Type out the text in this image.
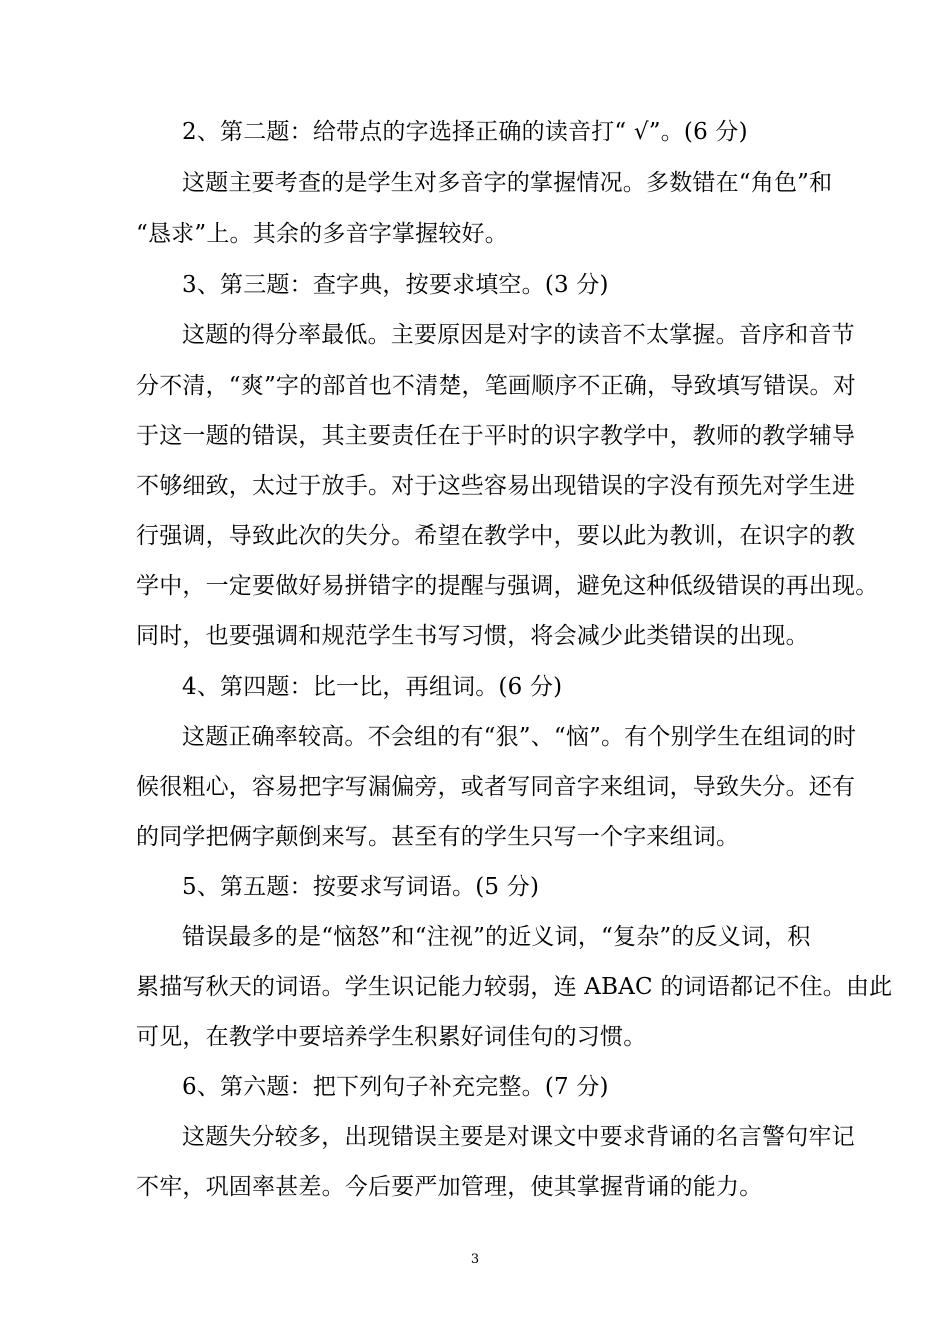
2、第二题：给带点的字选择正确的读音打“ √”。(6 分)
这题主要考查的是学生对多音字的掌握情况。多数错在“角色”和
“恳求”上。其余的多音字掌握较好。
3、第三题：查字典，按要求填空。(3 分)
这题的得分率最低。主要原因是对字的读音不太掌握。音序和音节
分不清，“爽”字的部首也不清楚，笔画顺序不正确，导致填写错误。对
于这一题的错误，其主要责任在于平时的识字教学中，教师的教学辅导
不够细致，太过于放手。对于这些容易出现错误的字没有预先对学生进
行强调，导致此次的失分。希望在教学中，要以此为教训，在识字的教
学中，一定要做好易拼错字的提醒与强调，避免这种低级错误的再出现。
同时，也要强调和规范学生书写习惯，将会减少此类错误的出现。
4、第四题：比一比，再组词。(6 分)
这题正确率较高。不会组的有“狠”、“恼”。有个别学生在组词的时
候很粗心，容易把字写漏偏旁，或者写同音字来组词，导致失分。还有
的同学把俩字颠倒来写。甚至有的学生只写一个字来组词。
5、第五题：按要求写词语。(5 分)
错误最多的是“恼怒”和“注视”的近义词，“复杂”的反义词，积
累描写秋天的词语。学生识记能力较弱，连 ABAC 的词语都记不住。由此
可见，在教学中要培养学生积累好词佳句的习惯。
6、第六题：把下列句子补充完整。(7 分)
这题失分较多，出现错误主要是对课文中要求背诵的名言警句牢记
不牢，巩固率甚差。今后要严加管理，使其掌握背诵的能力。
3
